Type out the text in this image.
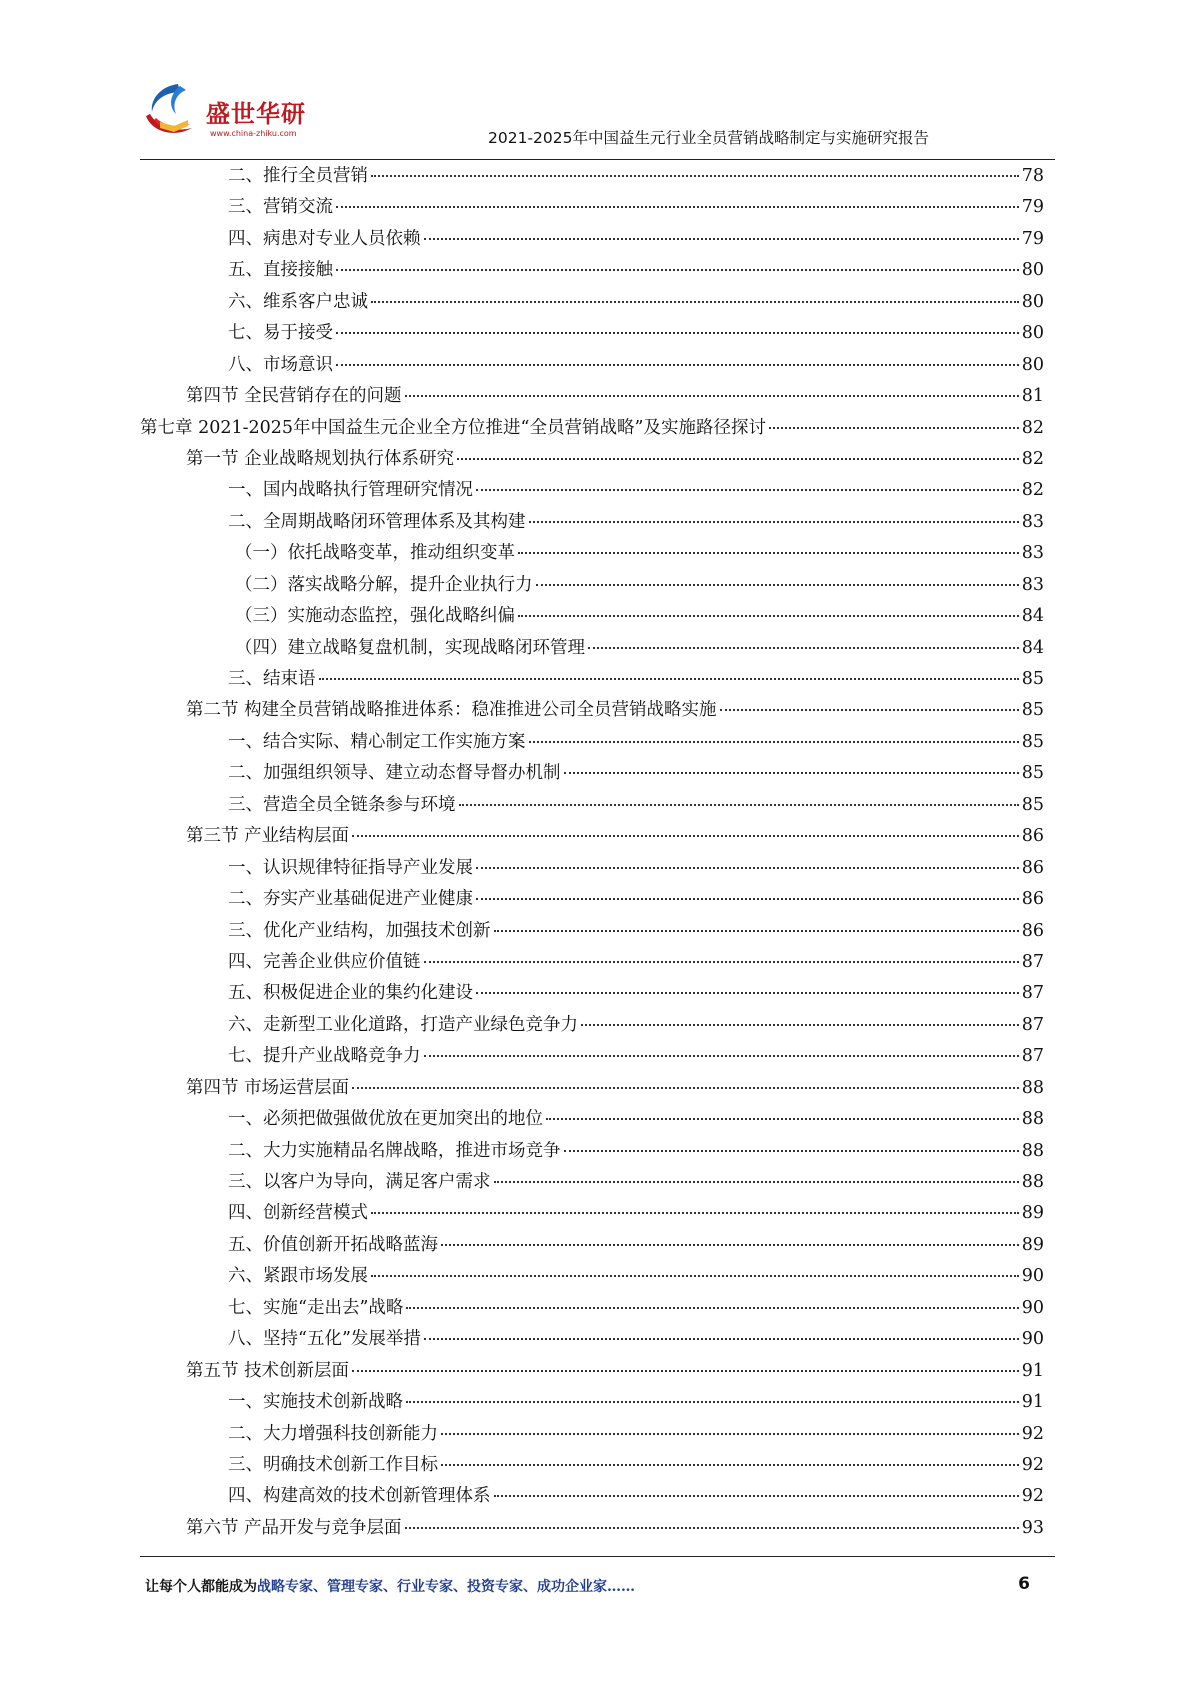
盛世华研
www.china-zhiku.com	2021-2025年中国益生元行业全员营销战略制定与实施研究报告
二、推行全员营销	78
三、营销交流	79
四、病患对专业人员依赖	79
五、直接接触	80
六、维系客户忠诚	80
七、易于接受	80
八、市场意识	80
第四节 全民营销存在的问题	81
第七章 2021-2025年中国益生元企业全方位推进“全员营销战略”及实施路径探讨	82
第一节 企业战略规划执行体系研究	82
一、国内战略执行管理研究情况	82
二、全周期战略闭环管理体系及其构建	83
（一）依托战略变革，推动组织变革	83
（二）落实战略分解，提升企业执行力	83
（三）实施动态监控，强化战略纠偏	84
（四）建立战略复盘机制，实现战略闭环管理	84
三、结束语	85
第二节 构建全员营销战略推进体系：稳准推进公司全员营销战略实施	85
一、结合实际、精心制定工作实施方案	85
二、加强组织领导、建立动态督导督办机制	85
三、营造全员全链条参与环境	85
第三节 产业结构层面	86
一、认识规律特征指导产业发展	86
二、夯实产业基础促进产业健康	86
三、优化产业结构，加强技术创新	86
四、完善企业供应价值链	87
五、积极促进企业的集约化建设	87
六、走新型工业化道路，打造产业绿色竞争力	87
七、提升产业战略竞争力	87
第四节 市场运营层面	88
一、必须把做强做优放在更加突出的地位	88
二、大力实施精品名牌战略，推进市场竞争	88
三、以客户为导向，满足客户需求	88
四、创新经营模式	89
五、价值创新开拓战略蓝海	89
六、紧跟市场发展	90
七、实施“走出去”战略	90
八、坚持“五化”发展举措	90
第五节 技术创新层面	91
一、实施技术创新战略	91
二、大力增强科技创新能力	92
三、明确技术创新工作目标	92
四、构建高效的技术创新管理体系	92
第六节 产品开发与竞争层面	93
让每个人都能成为战略专家、管理专家、行业专家、投资专家、成功企业家……	6
